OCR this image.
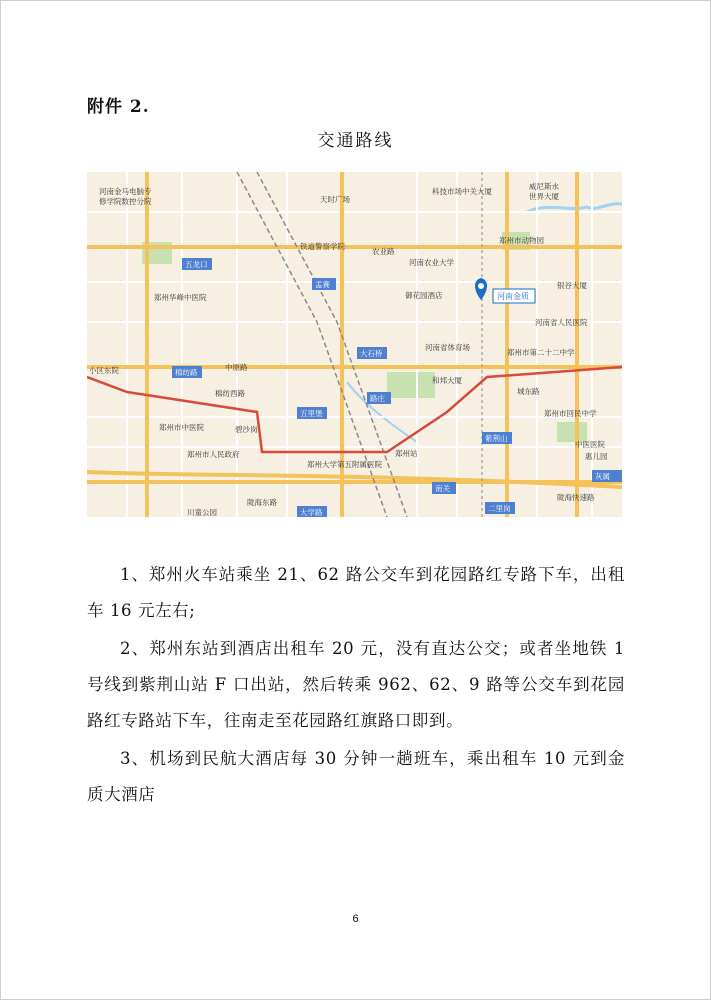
附件 2.
交通路线
五龙口
孟赛
棉纺路
大石桥
五里堡
路庄
紫荆山
南关
大学路	二里岗
灰属
河南金马电脑专
修学院数控分院	天时广场
科技市场中关大厦
威尼斯水
世界大厦
郑州市动物园
铁道警察学院
农业路
河南农业大学
银谷大厦
御花园酒店
郑州华峰中医院
河南省人民医院
河南省体育场
郑州市第二十二中学
中原路
小区东院
棉纺西路
和邦大厦
城东路
郑州市中医院	碧沙岗
郑州市回民中学
中医医院
郑州市人民政府
郑州大学第五附属医院
郑州站
陇海东路
川童公园
惠儿园
陇海快速路
河南金质

1、郑州火车站乘坐 21、62 路公交车到花园路红专路下车，出租车 16 元左右;

2、郑州东站到酒店出租车 20 元，没有直达公交；或者坐地铁 1 号线到紫荆山站 F 口出站，然后转乘 962、62、9 路等公交车到花园路红专路站下车，往南走至花园路红旗路口即到。

3、机场到民航大酒店每 30 分钟一趟班车，乘出租车 10 元到金质大酒店

6
